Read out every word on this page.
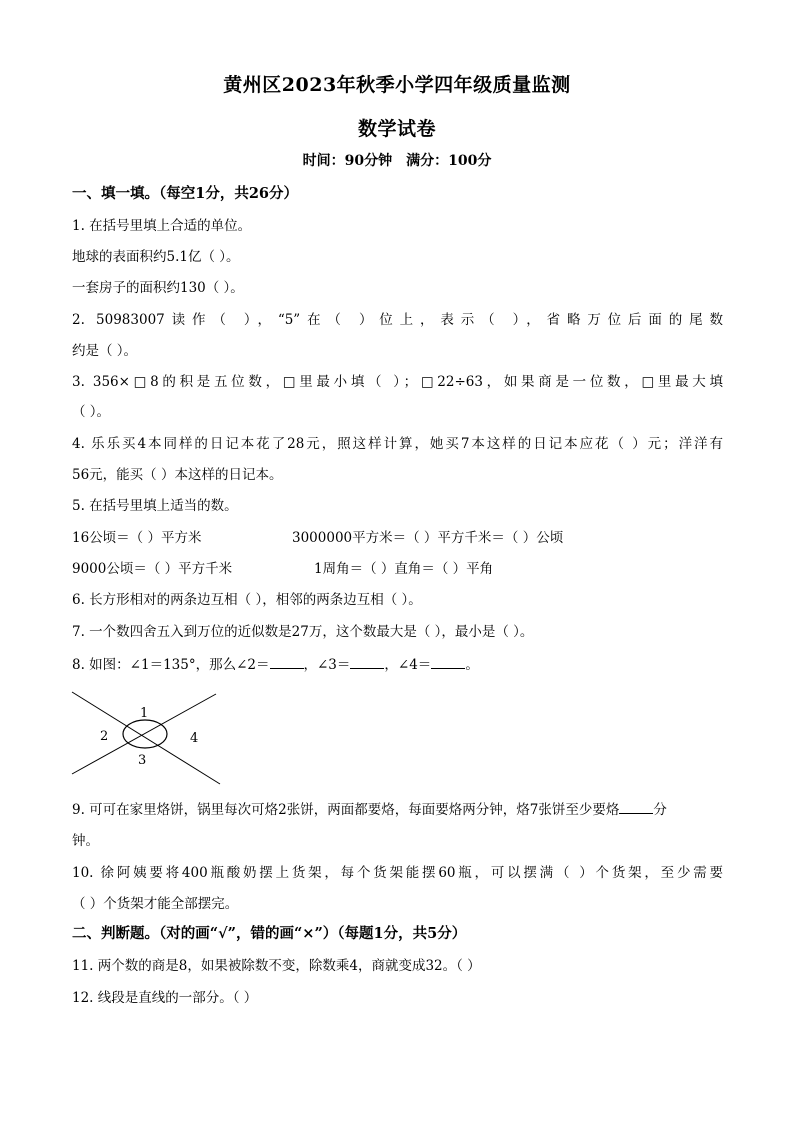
黄州区2023年秋季小学四年级质量监测
数学试卷
时间：90分钟 满分：100分
一、填一填。（每空1分，共26分）
1. 在括号里填上合适的单位。
地球的表面积约5.1亿（ ）。
一套房子的面积约130（ ）。
2. 50983007读作（ ），“5”在（ ）位上，表示（ ），省略万位后面的尾数
约是（ ）。
3. 356×□8的积是五位数，□里最小填（ ）；□22÷63，如果商是一位数，□里最大填
（ ）。
4. 乐乐买4本同样的日记本花了28元，照这样计算，她买7本这样的日记本应花（ ）元；洋洋有
56元，能买（ ）本这样的日记本。
5. 在括号里填上适当的数。
16公顷＝（ ）平方米	3000000平方米＝（ ）平方千米＝（ ）公顷
9000公顷＝（ ）平方千米	1周角＝（ ）直角＝（ ）平角
6. 长方形相对的两条边互相（ ），相邻的两条边互相（ ）。
7. 一个数四舍五入到万位的近似数是27万，这个数最大是（ ），最小是（ ）。
8. 如图：∠1＝135°，那么∠2＝	，∠3＝	，∠4＝	。
1
2
3
4
9. 可可在家里烙饼，锅里每次可烙2张饼，两面都要烙，每面要烙两分钟，烙7张饼至少要烙	分
钟。
10. 徐阿姨要将400瓶酸奶摆上货架，每个货架能摆60瓶，可以摆满（ ）个货架，至少需要
（ ）个货架才能全部摆完。
二、判断题。（对的画“√”，错的画“×”）（每题1分，共5分）
11. 两个数的商是8，如果被除数不变，除数乘4，商就变成32。（ ）
12. 线段是直线的一部分。（ ）
